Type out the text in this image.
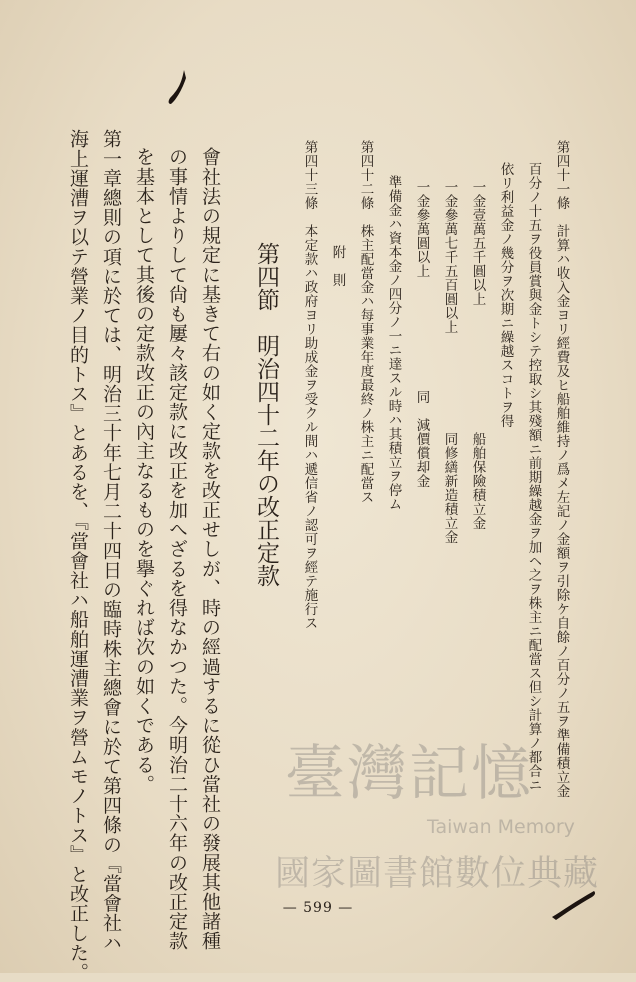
第四十一條　計算ハ收入金ヨリ經費及ヒ船舶維持ノ爲メ左記ノ金額ヲ引除ケ自餘ノ百分ノ五ヲ準備積立金
百分ノ十五ヲ役員賞與金トシテ控取シ其殘額ニ前期繰越金ヲ加ヘ之ヲ株主ニ配當ス但シ計算ノ都合ニ
依リ利益金ノ幾分ヲ次期ニ繰越スコトヲ得
一金壹萬五千圓以上　　　　　　　　　船舶保險積立金
一金參萬七千五百圓以上　　　　　　　同修繕新造積立金
一金參萬圓以上　　　　　　　　同　減價償却金
準備金ハ資本金ノ四分ノ一ニ達スル時ハ其積立ヲ停ム
第四十二條　株主配當金ハ每事業年度最終ノ株主ニ配當ス
附　則
第四十三條　本定款ハ政府ヨリ助成金ヲ受クル間ハ遞信省ノ認可ヲ經テ施行ス
第四節　明治四十二年の改正定款
會社法の規定に基きて右の如く定款を改正せしが、時の經過するに從ひ當社の發展其他諸種
の事情よりして尙も屢々該定款に改正を加へざるを得なかつた。今明治二十六年の改正定款
を基本として其後の定款改正の內主なるものを擧ぐれば次の如くである。
第一章總則の項に於ては、明治三十年七月二十四日の臨時株主總會に於て第四條の『當會社ハ
海上運漕ヲ以テ營業ノ目的トス』とあるを、『當會社ハ船舶運漕業ヲ營ムモノトス』と改正した。	— 599 —
臺灣記憶
Taiwan Memory
國家圖書館數位典藏
